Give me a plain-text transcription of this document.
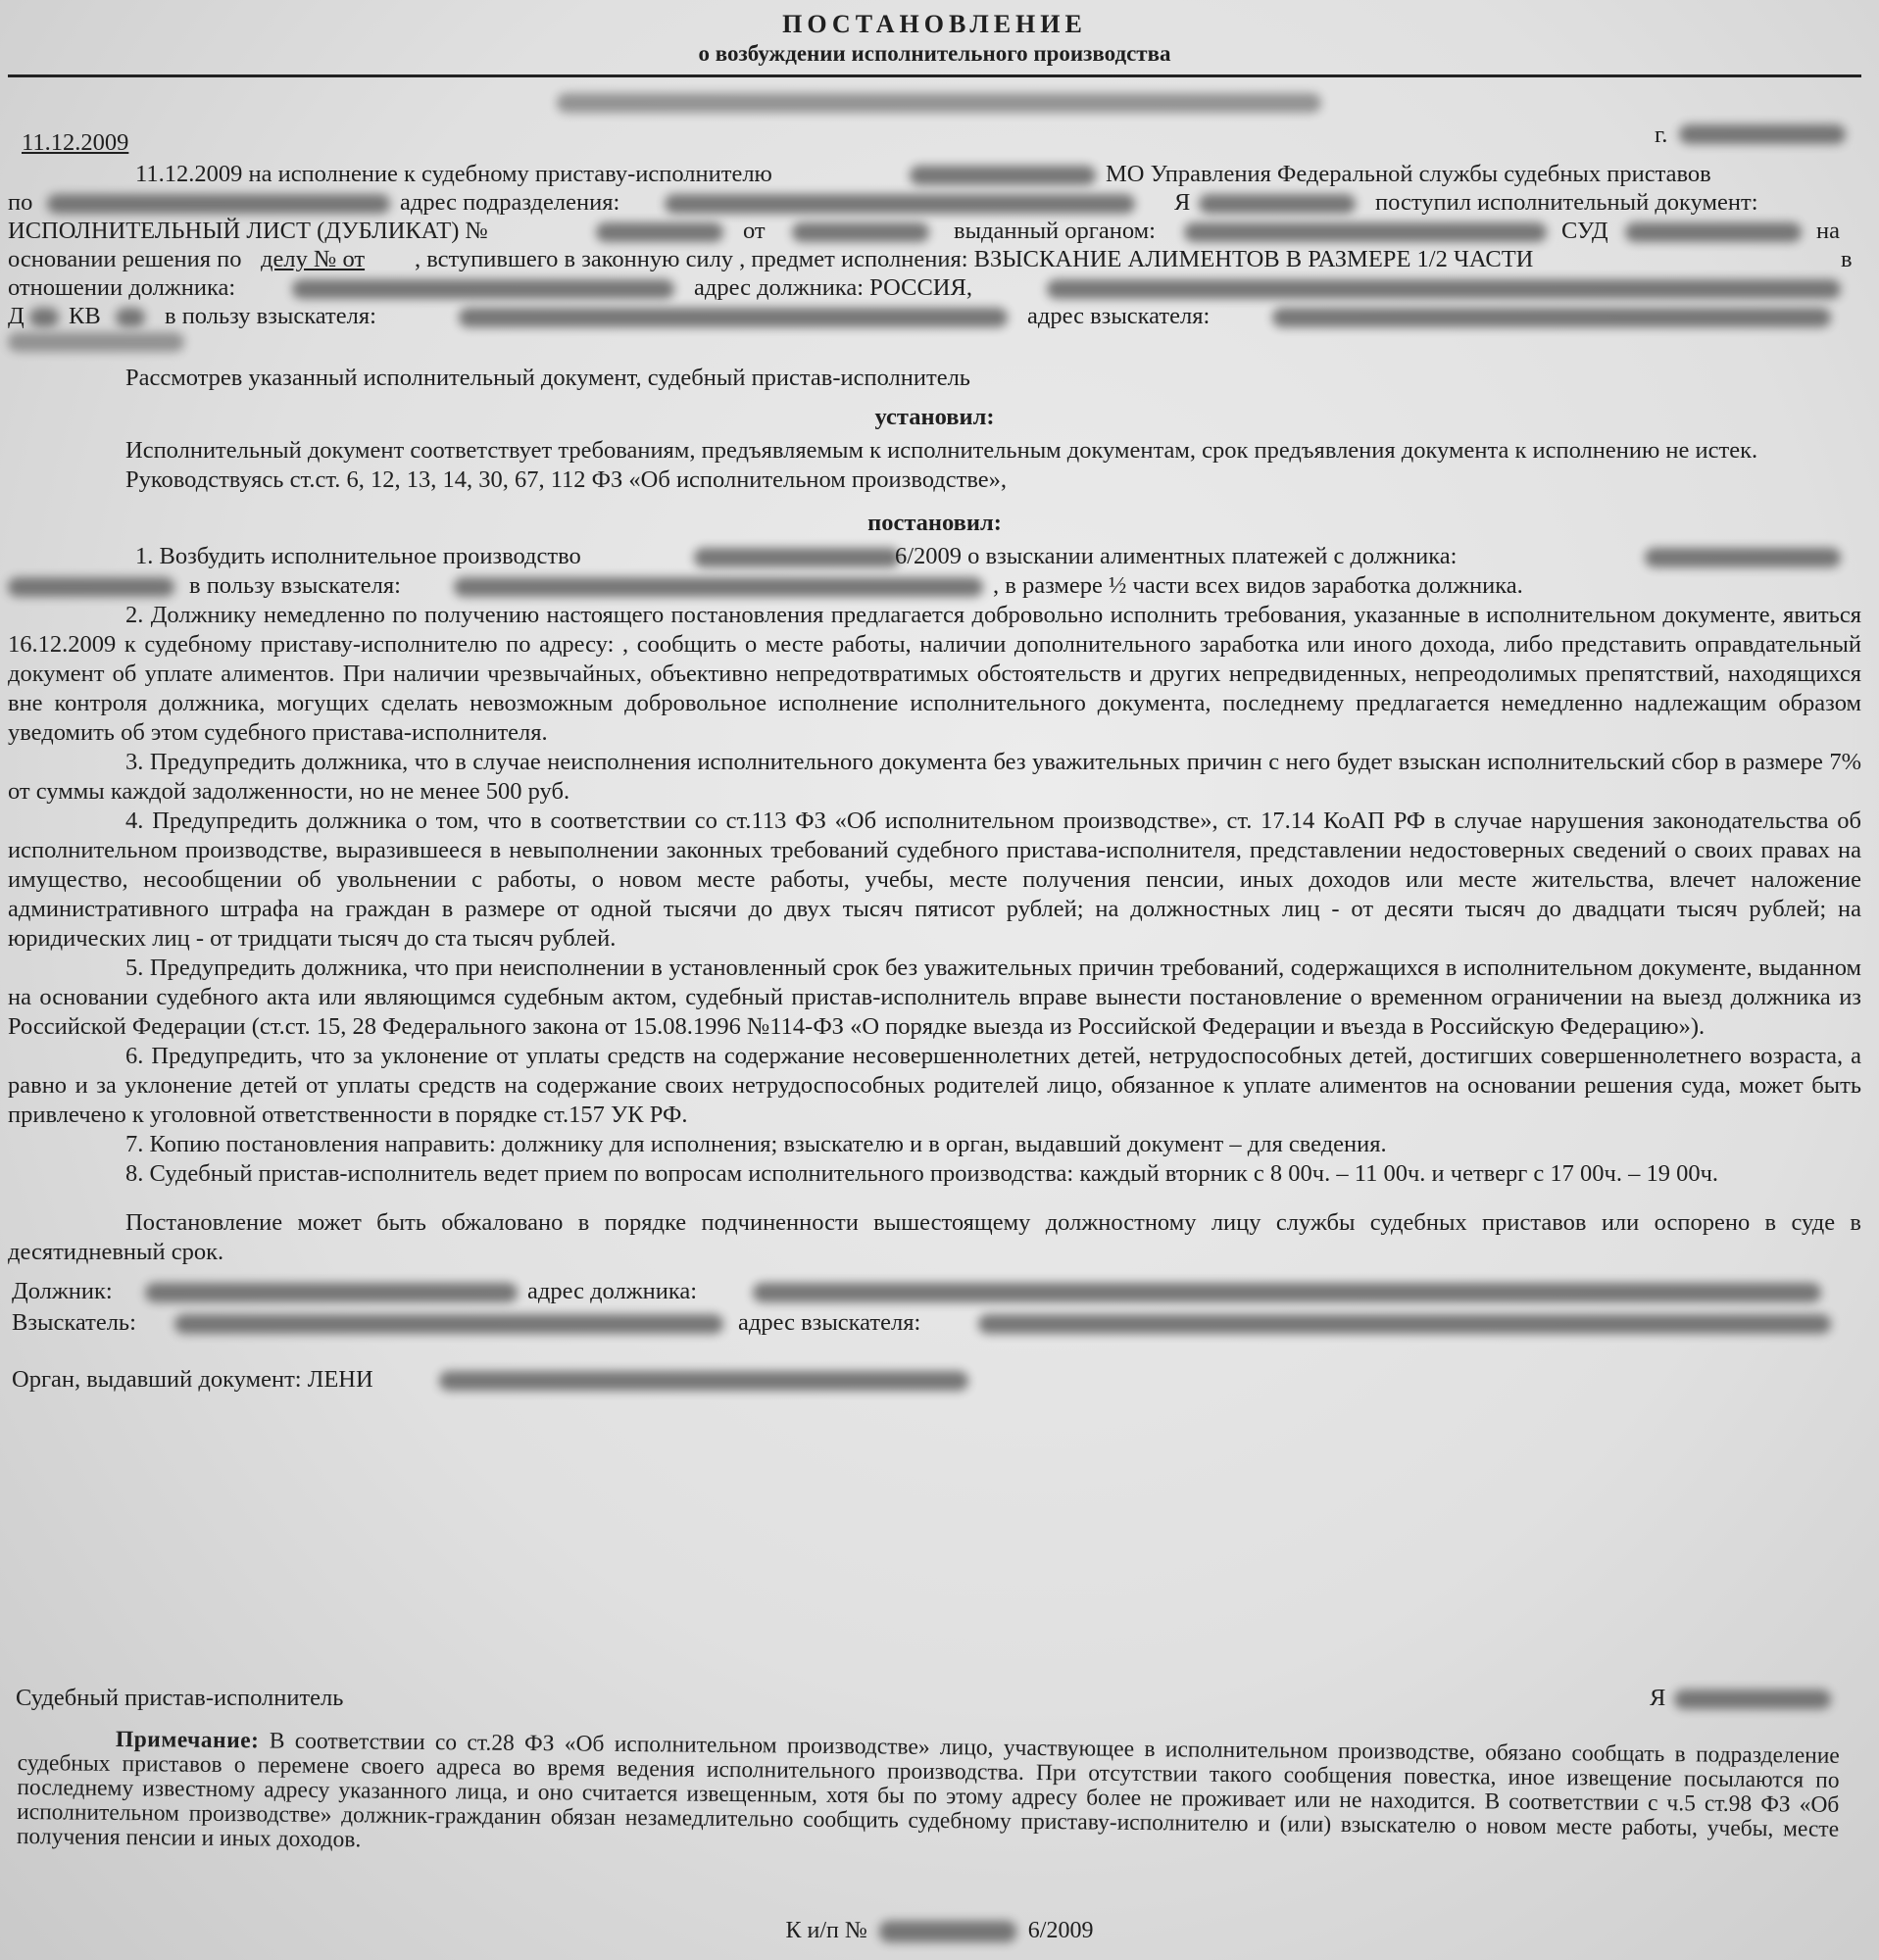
ПОСТАНОВЛЕНИЕ

о возбуждении исполнительного производства

11.12.2009	г.
11.12.2009 на исполнение к судебному приставу-исполнителю	МО Управления Федеральной службы судебных приставов
по	адрес подразделения:	Я	поступил исполнительный документ:
ИСПОЛНИТЕЛЬНЫЙ ЛИСТ (ДУБЛИКАТ) №	от	выданный органом:	СУД	на
основании решения по делу № от , вступившего в законную силу , предмет исполнения: ВЗЫСКАНИЕ АЛИМЕНТОВ В РАЗМЕРЕ 1/2 ЧАСТИ	в
отношении должника:	адрес должника: РОССИЯ,
Д КВ	в пользу взыскателя:	адрес взыскателя:

Рассмотрев указанный исполнительный документ, судебный пристав-исполнитель

установил:

Исполнительный документ соответствует требованиям, предъявляемым к исполнительным документам, срок предъявления документа к исполнению не истек.

Руководствуясь ст.ст. 6, 12, 13, 14, 30, 67, 112 ФЗ «Об исполнительном производстве»,

постановил:

1. Возбудить исполнительное производство	6/2009 о взыскании алиментных платежей с должника:
в пользу взыскателя:	, в размере ½ части всех видов заработка должника.

2. Должнику немедленно по получению настоящего постановления предлагается добровольно исполнить требования, указанные в исполнительном документе, явиться 16.12.2009 к судебному приставу-исполнителю по адресу: , сообщить о месте работы, наличии дополнительного заработка или иного дохода, либо представить оправдательный документ об уплате алиментов. При наличии чрезвычайных, объективно непредотвратимых обстоятельств и других непредвиденных, непреодолимых препятствий, находящихся вне контроля должника, могущих сделать невозможным добровольное исполнение исполнительного документа, последнему предлагается немедленно надлежащим образом уведомить об этом судебного пристава-исполнителя.

3. Предупредить должника, что в случае неисполнения исполнительного документа без уважительных причин с него будет взыскан исполнительский сбор в размере 7% от суммы каждой задолженности, но не менее 500 руб.

4. Предупредить должника о том, что в соответствии со ст.113 ФЗ «Об исполнительном производстве», ст. 17.14 КоАП РФ в случае нарушения законодательства об исполнительном производстве, выразившееся в невыполнении законных требований судебного пристава-исполнителя, представлении недостоверных сведений о своих правах на имущество, несообщении об увольнении с работы, о новом месте работы, учебы, месте получения пенсии, иных доходов или месте жительства, влечет наложение административного штрафа на граждан в размере от одной тысячи до двух тысяч пятисот рублей; на должностных лиц - от десяти тысяч до двадцати тысяч рублей; на юридических лиц - от тридцати тысяч до ста тысяч рублей.

5. Предупредить должника, что при неисполнении в установленный срок без уважительных причин требований, содержащихся в исполнительном документе, выданном на основании судебного акта или являющимся судебным актом, судебный пристав-исполнитель вправе вынести постановление о временном ограничении на выезд должника из Российской Федерации (ст.ст. 15, 28 Федерального закона от 15.08.1996 №114-ФЗ «О порядке выезда из Российской Федерации и въезда в Российскую Федерацию»).

6. Предупредить, что за уклонение от уплаты средств на содержание несовершеннолетних детей, нетрудоспособных детей, достигших совершеннолетнего возраста, а равно и за уклонение детей от уплаты средств на содержание своих нетрудоспособных родителей лицо, обязанное к уплате алиментов на основании решения суда, может быть привлечено к уголовной ответственности в порядке ст.157 УК РФ.

7. Копию постановления направить: должнику для исполнения; взыскателю и в орган, выдавший документ – для сведения.

8. Судебный пристав-исполнитель ведет прием по вопросам исполнительного производства: каждый вторник с 8 00ч. – 11 00ч. и четверг с 17 00ч. – 19 00ч.

Постановление может быть обжаловано в порядке подчиненности вышестоящему должностному лицу службы судебных приставов или оспорено в суде в десятидневный срок.

Должник:	адрес должника:
Взыскатель:	адрес взыскателя:
Орган, выдавший документ: ЛЕНИ
Судебный пристав-исполнитель	Я
Примечание: В соответствии со ст.28 ФЗ «Об исполнительном производстве» лицо, участвующее в исполнительном производстве, обязано сообщать в подразделение судебных приставов о перемене своего адреса во время ведения исполнительного производства. При отсутствии такого сообщения повестка, иное извещение посылаются по последнему известному адресу указанного лица, и оно считается извещенным, хотя бы по этому адресу более не проживает или не находится. В соответствии с ч.5 ст.98 ФЗ «Об исполнительном производстве» должник-гражданин обязан незамедлительно сообщить судебному приставу-исполнителю и (или) взыскателю о новом месте работы, учебы, месте получения пенсии и иных доходов.
К и/п №	6/2009
